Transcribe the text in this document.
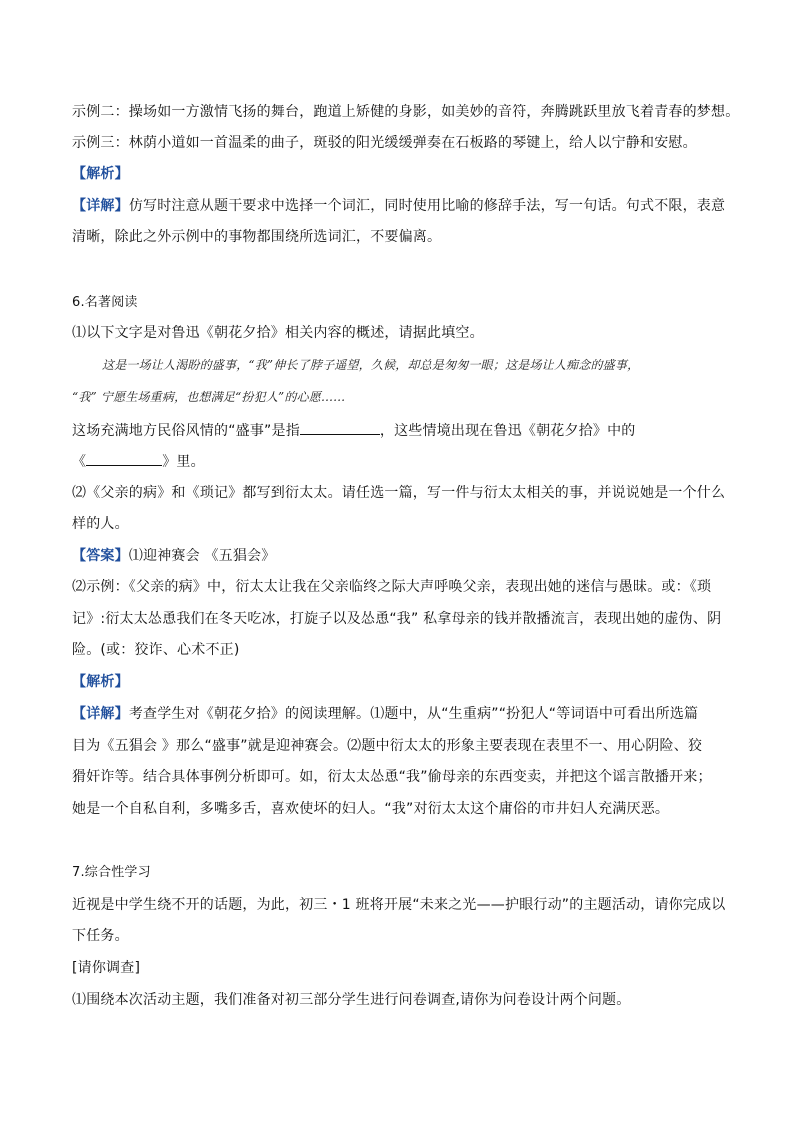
示例二：操场如一方激情飞扬的舞台，跑道上矫健的身影，如美妙的音符，奔腾跳跃里放飞着青春的梦想。
示例三：林荫小道如一首温柔的曲子，斑驳的阳光缓缓弹奏在石板路的琴键上，给人以宁静和安慰。
【解析】
【详解】仿写时注意从题干要求中选择一个词汇，同时使用比喻的修辞手法，写一句话。句式不限，表意
清晰，除此之外示例中的事物都围绕所选词汇，不要偏离。
6.名著阅读
⑴以下文字是对鲁迅《朝花夕拾》相关内容的概述，请据此填空。
这是一场让人渴盼的盛事，“我”伸长了脖子遥望，久候，却总是匆匆一眼；这是场让人痴念的盛事，
“我” 宁愿生场重病，也想满足“扮犯人”的心愿……
这场充满地方民俗风情的“盛事”是指	，这些情境出现在鲁迅《朝花夕拾》中的
《	》里。
⑵《父亲的病》和《琐记》都写到衍太太。请任选一篇，写一件与衍太太相关的事，并说说她是一个什么
样的人。
【答案】⑴迎神赛会 《五猖会》
⑵示例：《父亲的病》中，衍太太让我在父亲临终之际大声呼唤父亲，表现出她的迷信与愚昧。或：《琐
记》:衍太太怂恿我们在冬天吃冰，打旋子以及怂恿“我” 私拿母亲的钱并散播流言，表现出她的虚伪、阴
险。(或：狡诈、心术不正)
【解析】
【详解】考查学生对《朝花夕拾》的阅读理解。⑴题中，从“生重病”“扮犯人“等词语中可看出所选篇
目为《五猖会 》那么“盛事”就是迎神赛会。⑵题中衍太太的形象主要表现在表里不一、用心阴险、狡
猾奸诈等。结合具体事例分析即可。如，衍太太怂恿“我”偷母亲的东西变卖，并把这个谣言散播开来；
她是一个自私自利，多嘴多舌，喜欢使坏的妇人。“我”对衍太太这个庸俗的市井妇人充满厌恶。
7.综合性学习
近视是中学生绕不开的话题，为此，初三・1 班将开展“未来之光——护眼行动”的主题活动，请你完成以
下任务。
[请你调查]
⑴围绕本次活动主题，我们准备对初三部分学生进行问卷调查,请你为问卷设计两个问题。
